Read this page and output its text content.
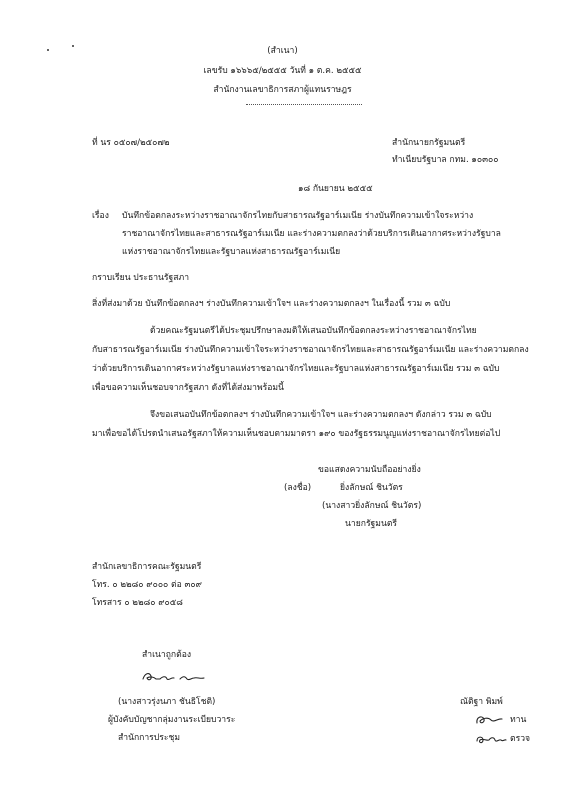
(สำเนา)
เลขรับ ๑๖๖๖๕/๒๕๕๕ วันที่ ๑ ต.ค. ๒๕๕๕
สำนักงานเลขาธิการสภาผู้แทนราษฎร
ที่ นร ๐๕๐๗/๒๕๐๗๒	สำนักนายกรัฐมนตรี
ทำเนียบรัฐบาล กทม. ๑๐๓๐๐
๑๘ กันยายน ๒๕๕๕
เรื่อง บันทึกข้อตกลงระหว่างราชอาณาจักรไทยกับสาธารณรัฐอาร์เมเนีย ร่างบันทึกความเข้าใจระหว่าง
ราชอาณาจักรไทยและสาธารณรัฐอาร์เมเนีย และร่างความตกลงว่าด้วยบริการเดินอากาศระหว่างรัฐบาล
แห่งราชอาณาจักรไทยและรัฐบาลแห่งสาธารณรัฐอาร์เมเนีย
กราบเรียน ประธานรัฐสภา
สิ่งที่ส่งมาด้วย บันทึกข้อตกลงฯ ร่างบันทึกความเข้าใจฯ และร่างความตกลงฯ ในเรื่องนี้ รวม ๓ ฉบับ
ด้วยคณะรัฐมนตรีได้ประชุมปรึกษาลงมติให้เสนอบันทึกข้อตกลงระหว่างราชอาณาจักรไทย
กับสาธารณรัฐอาร์เมเนีย ร่างบันทึกความเข้าใจระหว่างราชอาณาจักรไทยและสาธารณรัฐอาร์เมเนีย และร่างความตกลง
ว่าด้วยบริการเดินอากาศระหว่างรัฐบาลแห่งราชอาณาจักรไทยและรัฐบาลแห่งสาธารณรัฐอาร์เมเนีย รวม ๓ ฉบับ
เพื่อขอความเห็นชอบจากรัฐสภา ดังที่ได้ส่งมาพร้อมนี้
จึงขอเสนอบันทึกข้อตกลงฯ ร่างบันทึกความเข้าใจฯ และร่างความตกลงฯ ดังกล่าว รวม ๓ ฉบับ
มาเพื่อขอได้โปรดนำเสนอรัฐสภาให้ความเห็นชอบตามมาตรา ๑๙๐ ของรัฐธรรมนูญแห่งราชอาณาจักรไทยต่อไป
ขอแสดงความนับถืออย่างยิ่ง
(ลงชื่อ)	ยิ่งลักษณ์ ชินวัตร
(นางสาวยิ่งลักษณ์ ชินวัตร)
นายกรัฐมนตรี
สำนักเลขาธิการคณะรัฐมนตรี
โทร. ๐ ๒๒๘๐ ๙๐๐๐ ต่อ ๓๐๙
โทรสาร ๐ ๒๒๘๐ ๙๐๕๘
สำเนาถูกต้อง
(นางสาวรุ่งนภา ชันธิโชติ)
ผู้บังคับบัญชากลุ่มงานระเบียบวาระ
สำนักการประชุม
ณัติฐา พิมพ์
ทาน
ตรวจ
